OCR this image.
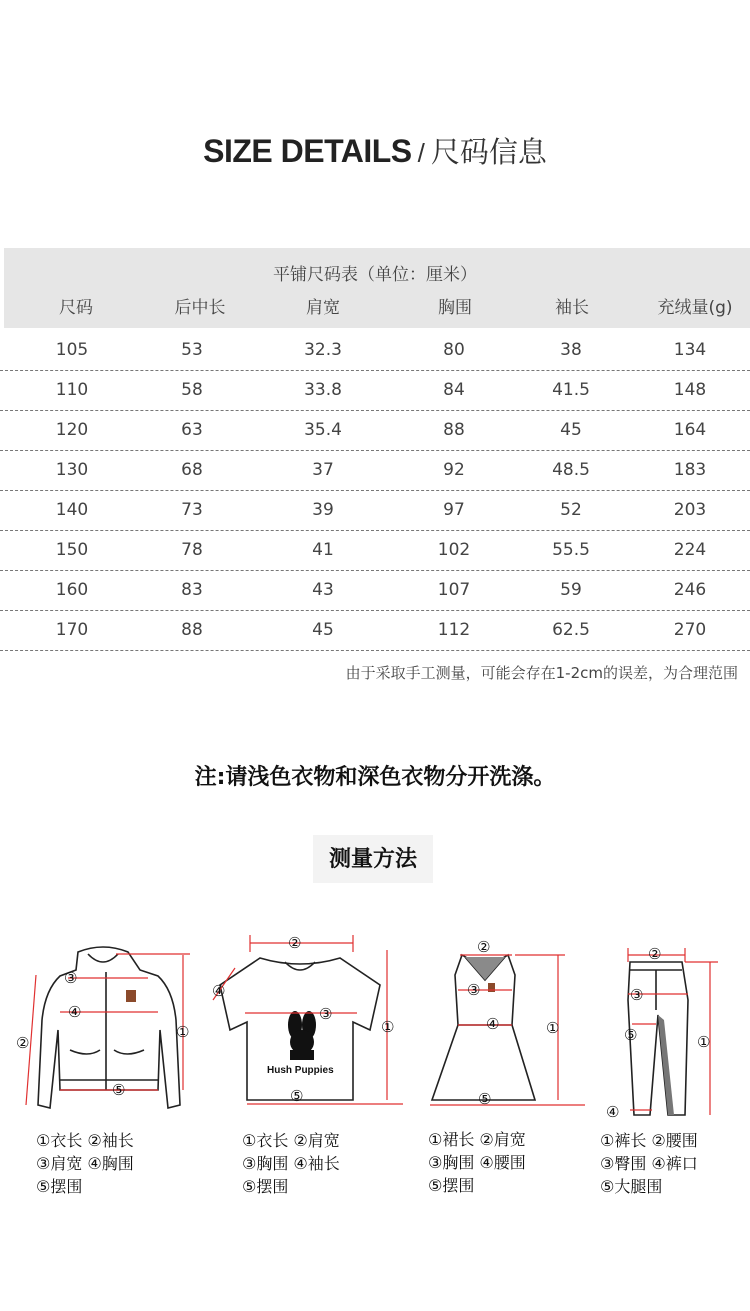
SIZE DETAILS / 尺码信息
平铺尺码表（单位：厘米）
尺码	后中长	肩宽	胸围	袖长	充绒量(g)
105	53	32.3	80	38	134
110	58	33.8	84	41.5	148
120	63	35.4	88	45	164
130	68	37	92	48.5	183
140	73	39	97	52	203
150	78	41	102	55.5	224
160	83	43	107	59	246
170	88	45	112	62.5	270
由于采取手工测量，可能会存在1-2cm的误差，为合理范围
注:请浅色衣物和深色衣物分开洗涤。
测量方法
①
②
③
④
⑤
Hush Puppies
①
②
③
④
⑤
①
②
③
④
⑤
①
②
③
④
⑤
①衣长 ②袖长
③肩宽 ④胸围
⑤摆围
①衣长 ②肩宽
③胸围 ④袖长
⑤摆围
①裙长 ②肩宽
③胸围 ④腰围
⑤摆围
①裤长 ②腰围
③臀围 ④裤口
⑤大腿围
